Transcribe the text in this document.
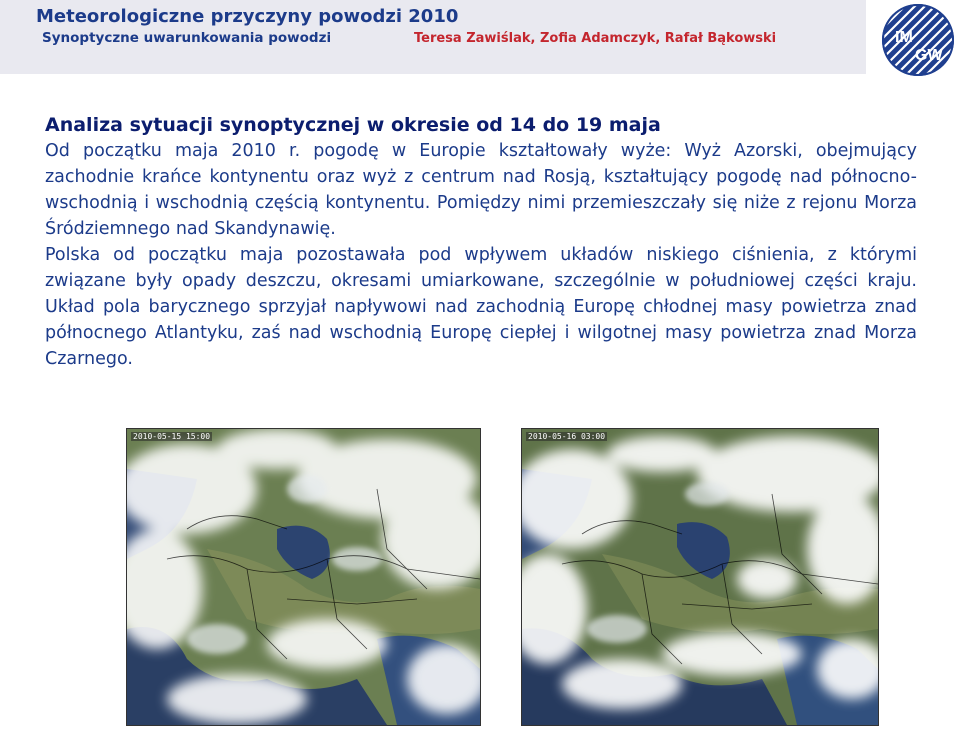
Meteorologiczne przyczyny powodzi 2010
Synoptyczne uwarunkowania powodzi	Teresa Zawiślak, Zofia Adamczyk, Rafał Bąkowski	IM
GW

Analiza sytuacji synoptycznej w okresie od 14 do 19 maja

Od początku maja 2010 r. pogodę w Europie kształtowały wyże: Wyż Azorski, obejmujący zachodnie krańce kontynentu oraz wyż z centrum nad Rosją, kształtujący pogodę nad północno-wschodnią i wschodnią częścią kontynentu. Pomiędzy nimi przemieszczały się niże z rejonu Morza Śródziemnego nad Skandynawię.

Polska od początku maja pozostawała pod wpływem układów niskiego ciśnienia, z którymi związane były opady deszczu, okresami umiarkowane, szczególnie w południowej części kraju. Układ pola barycznego sprzyjał napływowi nad zachodnią Europę chłodnej masy powietrza znad północnego Atlantyku, zaś nad wschodnią Europę ciepłej i wilgotnej masy powietrza znad Morza Czarnego.

2010-05-15 15:00	2010-05-16 03:00
